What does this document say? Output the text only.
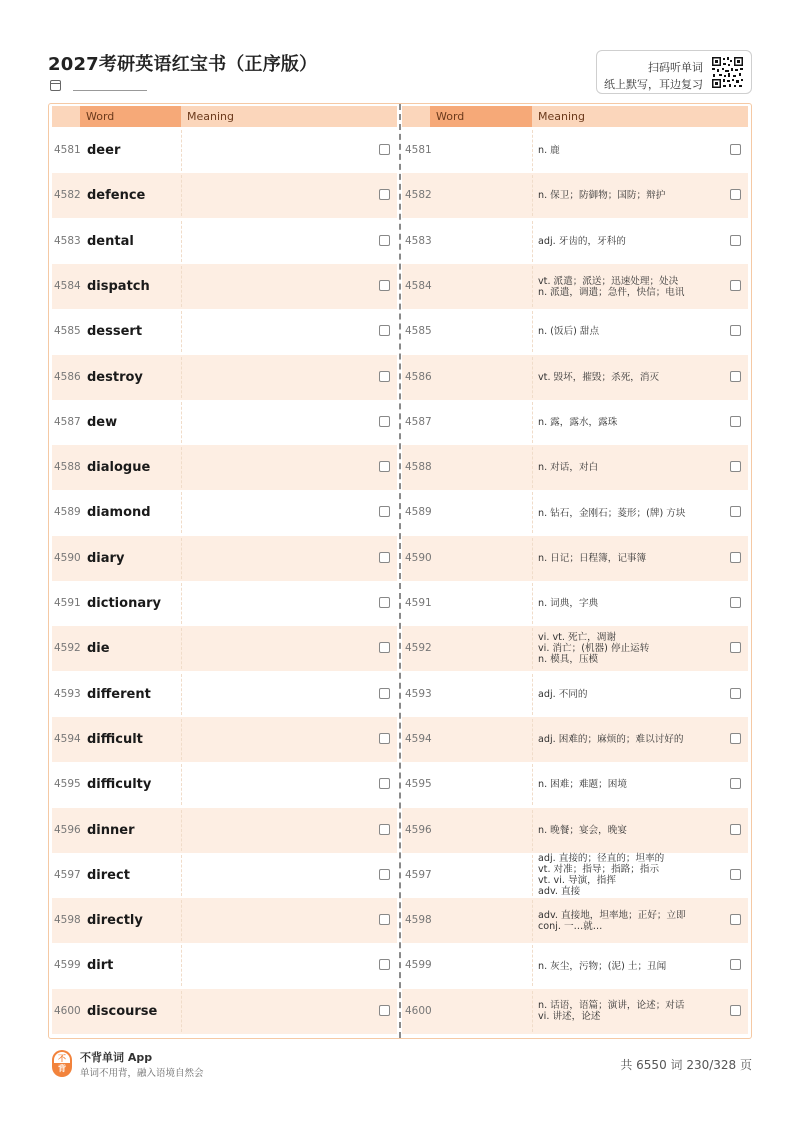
2027考研英语红宝书（正序版）	扫码听单词
纸上默写，耳边复习
Word	Meaning	Word	Meaning
4581 deer	4581	n. 鹿
4582 defence	4582	n. 保卫；防御物；国防；辩护
4583 dental	4583	adj. 牙齿的，牙科的
4584 dispatch	4584	vt. 派遣；派送；迅速处理；处决
n. 派遣，调遣；急件，快信；电讯
4585 dessert	4585	n. (饭后) 甜点
4586 destroy	4586	vt. 毁坏，摧毁；杀死，消灭
4587 dew	4587	n. 露，露水，露珠
4588 dialogue	4588	n. 对话，对白
4589 diamond	4589	n. 钻石，金刚石；菱形；(牌) 方块
4590 diary	4590	n. 日记；日程簿，记事簿
4591 dictionary	4591	n. 词典，字典
4592 die	4592
vi. vt. 死亡，凋谢
vi. 消亡；(机器) 停止运转
n. 模具，压模
4593 different	4593	adj. 不同的
4594 difficult	4594	adj. 困难的；麻烦的；难以讨好的
4595 difficulty	4595	n. 困难；难题；困境
4596 dinner	4596	n. 晚餐；宴会，晚宴
4597 direct	4597
adj. 直接的；径直的；坦率的
vt. 对准；指导；指路；指示
vt. vi. 导演，指挥
adv. 直接
4598 directly	4598	adv. 直接地，坦率地；正好；立即
conj. 一…就…
4599 dirt	4599	n. 灰尘，污物；(泥) 土；丑闻
4600 discourse	4600	n. 话语，语篇；演讲，论述；对话
vi. 讲述，论述
不
背
不背单词 App
单词不用背，融入语境自然会
共 6550 词 230/328 页
